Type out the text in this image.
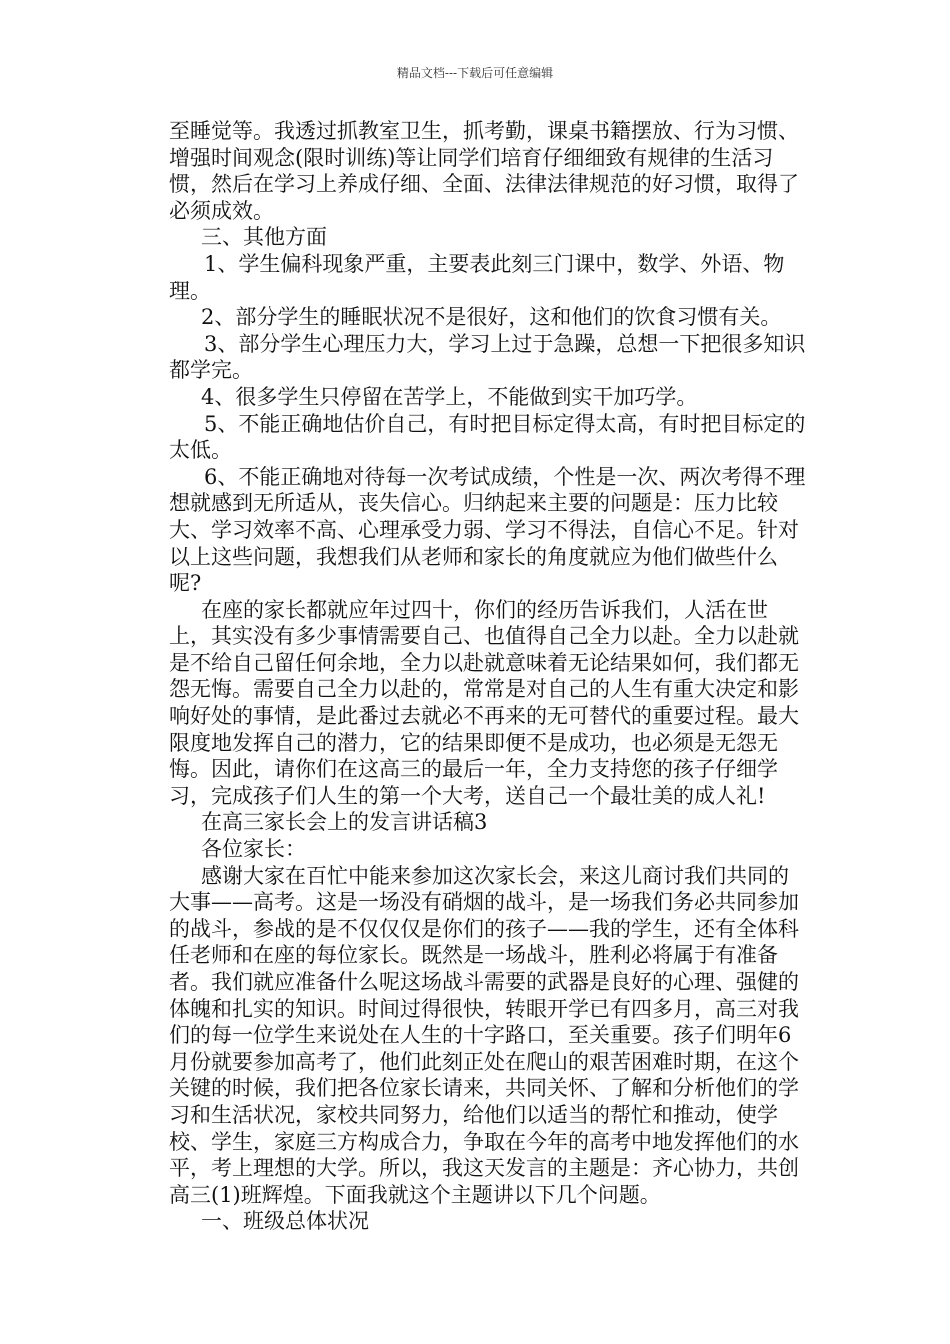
精品文档---下载后可任意编辑

至睡觉等。我透过抓教室卫生，抓考勤，课桌书籍摆放、行为习惯、增强时间观念(限时训练)等让同学们培育仔细细致有规律的生活习惯，然后在学习上养成仔细、全面、法律法律规范的好习惯，取得了必须成效。

三、其他方面

1、学生偏科现象严重，主要表此刻三门课中，数学、外语、物理。

2、部分学生的睡眠状况不是很好，这和他们的饮食习惯有关。

3、部分学生心理压力大，学习上过于急躁，总想一下把很多知识都学完。

4、很多学生只停留在苦学上，不能做到实干加巧学。

5、不能正确地估价自己，有时把目标定得太高，有时把目标定的太低。

6、不能正确地对待每一次考试成绩，个性是一次、两次考得不理想就感到无所适从，丧失信心。归纳起来主要的问题是：压力比较大、学习效率不高、心理承受力弱、学习不得法，自信心不足。针对以上这些问题，我想我们从老师和家长的角度就应为他们做些什么呢?

在座的家长都就应年过四十，你们的经历告诉我们，人活在世上，其实没有多少事情需要自己、也值得自己全力以赴。全力以赴就是不给自己留任何余地，全力以赴就意味着无论结果如何，我们都无怨无悔。需要自己全力以赴的，常常是对自己的人生有重大决定和影响好处的事情，是此番过去就必不再来的无可替代的重要过程。最大限度地发挥自己的潜力，它的结果即便不是成功，也必须是无怨无悔。因此，请你们在这高三的最后一年，全力支持您的孩子仔细学习，完成孩子们人生的第一个大考，送自己一个最壮美的成人礼!

在高三家长会上的发言讲话稿3

各位家长：

感谢大家在百忙中能来参加这次家长会，来这儿商讨我们共同的大事——高考。这是一场没有硝烟的战斗，是一场我们务必共同参加的战斗，参战的是不仅仅仅是你们的孩子——我的学生，还有全体科任老师和在座的每位家长。既然是一场战斗，胜利必将属于有准备者。我们就应准备什么呢这场战斗需要的武器是良好的心理、强健的体魄和扎实的知识。时间过得很快，转眼开学已有四多月，高三对我们的每一位学生来说处在人生的十字路口，至关重要。孩子们明年6月份就要参加高考了，他们此刻正处在爬山的艰苦困难时期，在这个关键的时候，我们把各位家长请来，共同关怀、了解和分析他们的学习和生活状况，家校共同努力，给他们以适当的帮忙和推动，使学校、学生，家庭三方构成合力，争取在今年的高考中地发挥他们的水平，考上理想的大学。所以，我这天发言的主题是：齐心协力，共创高三(1)班辉煌。下面我就这个主题讲以下几个问题。

一、班级总体状况
